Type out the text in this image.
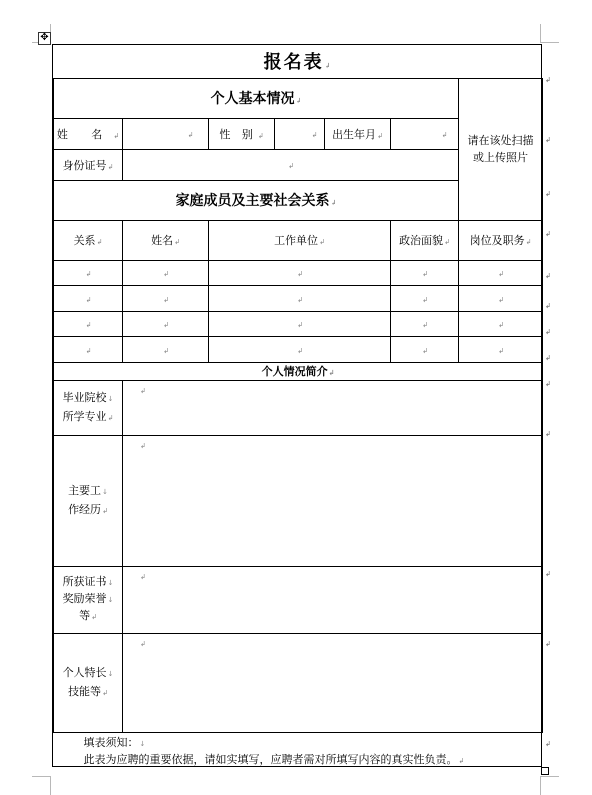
✥
↲
↲
↲
↲
↲
↲
↲
↲
↲
↲
↲
↲
↲
报名表↲						
个人基本情况↲						请在该处扫描
或上传照片

姓 名↲	↲	性 别↲	↲	出生年月↲	↲	
身份证号↲	↲					
家庭成员及主要社会关系↲						
关系↲	姓名↲	工作单位↲			政治面貌↲	岗位及职务↲
↲	↲	↲			↲	↲
↲	↲	↲			↲	↲
↲	↲	↲			↲	↲
↲	↲	↲			↲	↲
个人情况简介↲						

毕业院校↓
所学专业↲	↲					

主要工↓
作经历↲	↲					

所获证书↓
奖励荣誉↓
等↲	↲					

个人特长↓
技能等↲	↲					

填表须知：↓
此表为应聘的重要依据，请如实填写，应聘者需对所填写内容的真实性负责。↲						
